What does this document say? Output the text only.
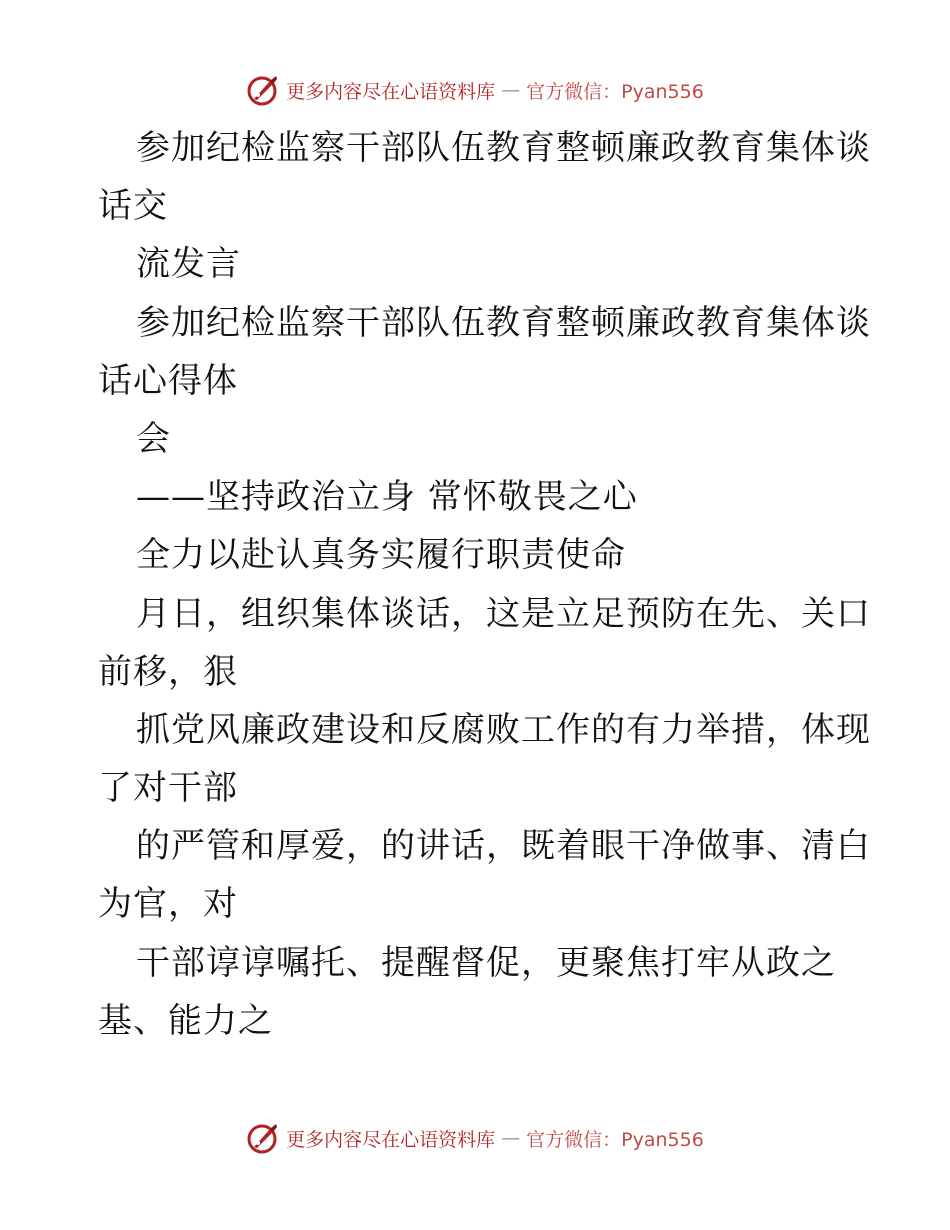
更多内容尽在心语资料库 — 官方微信：Pyan556
参加纪检监察干部队伍教育整顿廉政教育集体谈
话交
流发言
参加纪检监察干部队伍教育整顿廉政教育集体谈
话心得体
会
——坚持政治立身 常怀敬畏之心
全力以赴认真务实履行职责使命
月日，组织集体谈话，这是立足预防在先、关口
前移，狠
抓党风廉政建设和反腐败工作的有力举措，体现
了对干部
的严管和厚爱，的讲话，既着眼干净做事、清白
为官，对
干部谆谆嘱托、提醒督促，更聚焦打牢从政之
基、能力之
更多内容尽在心语资料库 — 官方微信：Pyan556
